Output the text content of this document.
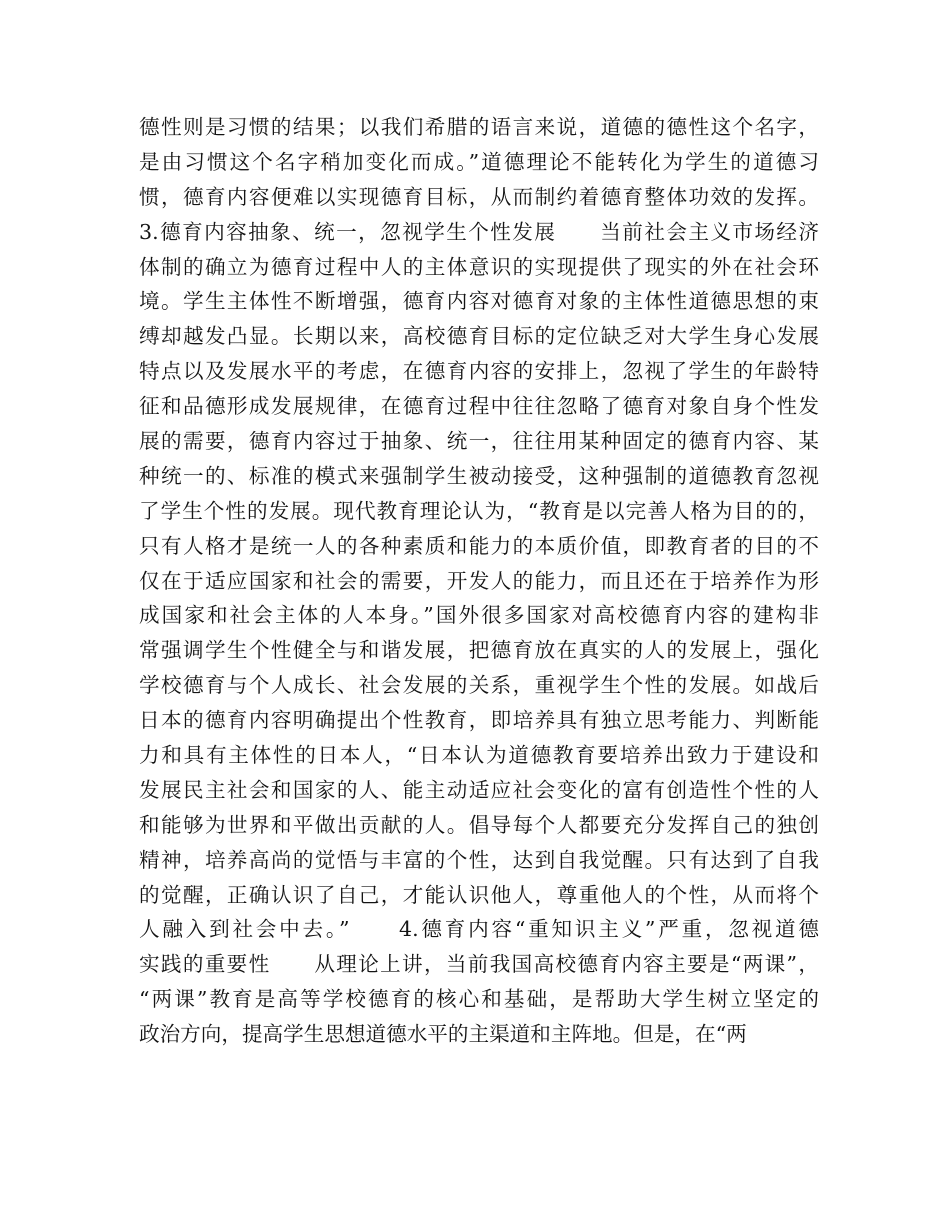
德性则是习惯的结果；以我们希腊的语言来说，道德的德性这个名字，
是由习惯这个名字稍加变化而成。”道德理论不能转化为学生的道德习
惯，德育内容便难以实现德育目标，从而制约着德育整体功效的发挥。
3.德育内容抽象、统一，忽视学生个性发展　　当前社会主义市场经济
体制的确立为德育过程中人的主体意识的实现提供了现实的外在社会环
境。学生主体性不断增强，德育内容对德育对象的主体性道德思想的束
缚却越发凸显。长期以来，高校德育目标的定位缺乏对大学生身心发展
特点以及发展水平的考虑，在德育内容的安排上，忽视了学生的年龄特
征和品德形成发展规律，在德育过程中往往忽略了德育对象自身个性发
展的需要，德育内容过于抽象、统一，往往用某种固定的德育内容、某
种统一的、标准的模式来强制学生被动接受，这种强制的道德教育忽视
了学生个性的发展。现代教育理论认为，“教育是以完善人格为目的的，
只有人格才是统一人的各种素质和能力的本质价值，即教育者的目的不
仅在于适应国家和社会的需要，开发人的能力，而且还在于培养作为形
成国家和社会主体的人本身。”国外很多国家对高校德育内容的建构非
常强调学生个性健全与和谐发展，把德育放在真实的人的发展上，强化
学校德育与个人成长、社会发展的关系，重视学生个性的发展。如战后
日本的德育内容明确提出个性教育，即培养具有独立思考能力、判断能
力和具有主体性的日本人，“日本认为道德教育要培养出致力于建设和
发展民主社会和国家的人、能主动适应社会变化的富有创造性个性的人
和能够为世界和平做出贡献的人。倡导每个人都要充分发挥自己的独创
精神，培养高尚的觉悟与丰富的个性，达到自我觉醒。只有达到了自我
的觉醒，正确认识了自己，才能认识他人，尊重他人的个性，从而将个
人融入到社会中去。”　　4.德育内容“重知识主义”严重，忽视道德
实践的重要性　　从理论上讲，当前我国高校德育内容主要是“两课”，
“两课”教育是高等学校德育的核心和基础，是帮助大学生树立坚定的
政治方向，提高学生思想道德水平的主渠道和主阵地。但是，在“两
